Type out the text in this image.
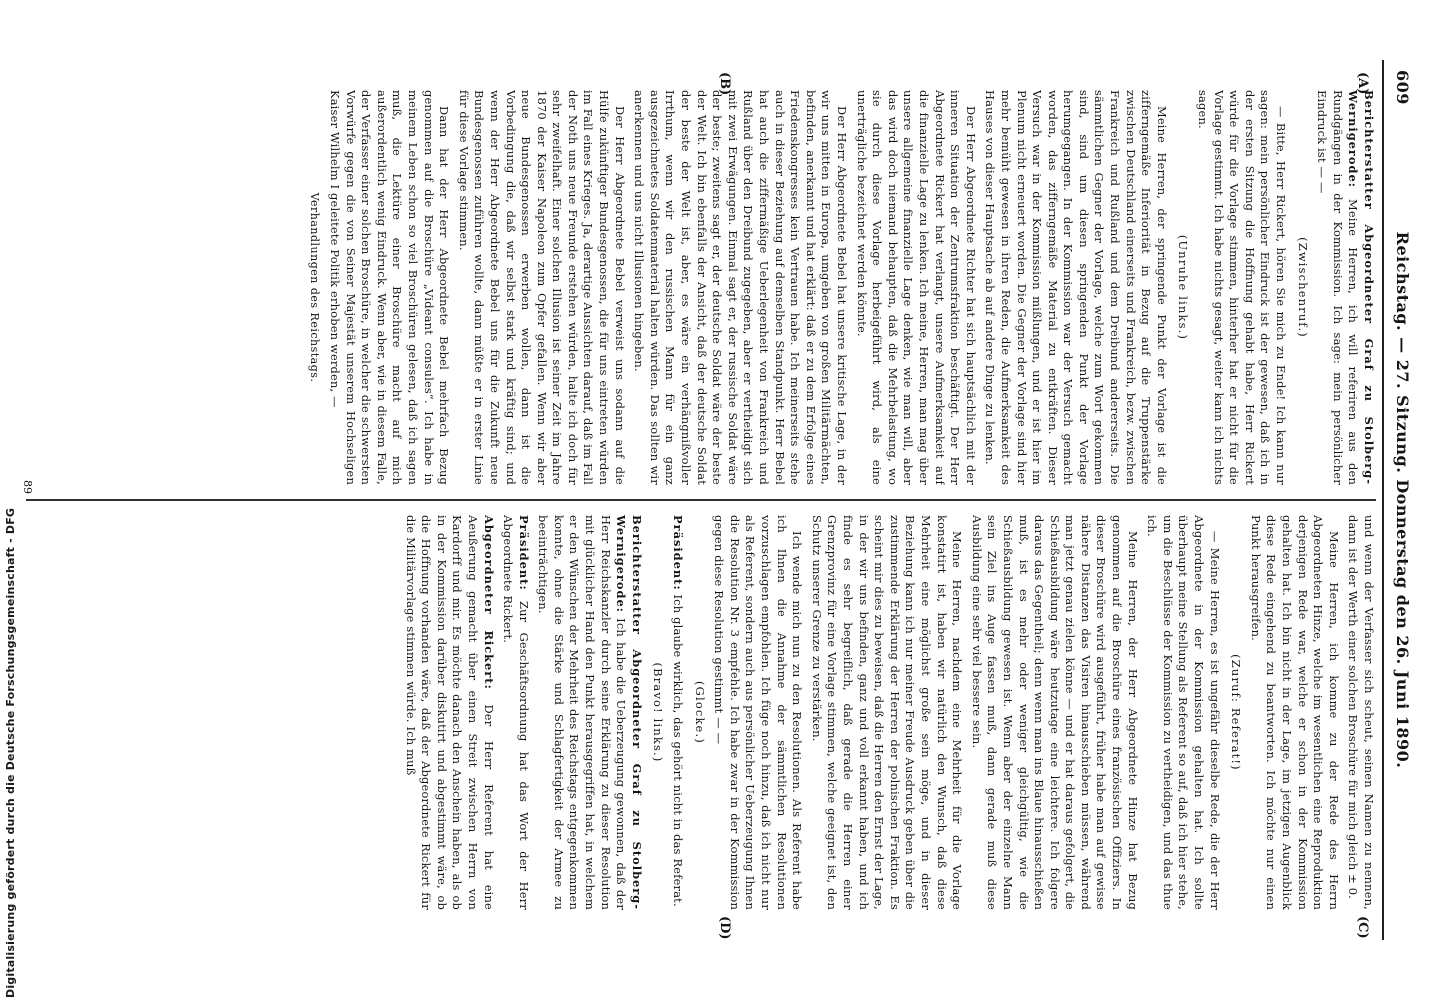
609
Reichstag. — 27. Sitzung. Donnerstag den 26. Juni 1890.
(A)
(B)
(C)
(D)

Berichterstatter Abgeordneter Graf zu Stolberg-Wernigerode: Meine Herren, ich will referiren aus den Rundgängen in der Kommission. Ich sage: mein persönlicher Eindruck ist — —

(Zwischenruf.)

— Bitte, Herr Rickert, hören Sie mich zu Ende! Ich kann nur sagen: mein persönlicher Eindruck ist der gewesen, daß ich in der ersten Sitzung die Hoffnung gehabt habe, Herr Rickert würde für die Vorlage stimmen, hinterher hat er nicht für die Vorlage gestimmt. Ich habe nichts gesagt, weiter kann ich nichts sagen.

(Unruhe links.)

Meine Herren, der springende Punkt der Vorlage ist die zifferngemäße Inferiorität in Bezug auf die Truppenstärke zwischen Deutschland einerseits und Frankreich, bezw. zwischen Frankreich und Rußland und dem Dreibund andererseits. Die sämmtlichen Gegner der Vorlage, welche zum Wort gekommen sind, sind um diesen springenden Punkt der Vorlage herumgegangen. In der Kommission war der Versuch gemacht worden, das zifferngemäße Material zu entkräften. Dieser Versuch war in der Kommission mißlungen, und er ist hier im Plenum nicht erneuert worden. Die Gegner der Vorlage sind hier mehr bemüht gewesen in ihren Reden, die Aufmerksamkeit des Hauses von dieser Hauptsache ab auf andere Dinge zu lenken.

Der Herr Abgeordnete Richter hat sich hauptsächlich mit der inneren Situation der Zentrumsfraktion beschäftigt. Der Herr Abgeordnete Rickert hat verlangt, unsere Aufmerksamkeit auf die finanzielle Lage zu lenken. Ich meine, Herren, man mag über unsere allgemeine finanzielle Lage denken, wie man will, aber das wird doch niemand behaupten, daß die Mehrbelastung, wo sie durch diese Vorlage herbeigeführt wird, als eine unerträgliche bezeichnet werden könnte.

Der Herr Abgeordnete Bebel hat unsere kritische Lage, in der wir uns mitten in Europa, umgeben von großen Militärmächten, befinden, anerkannt und hat erklärt: daß er zu dem Erfolge eines Friedenskongresses kein Vertrauen habe. Ich meinerseits stehe auch in dieser Beziehung auf demselben Standpunkt. Herr Bebel hat auch die ziffermäßige Ueberlegenheit von Frankreich und Rußland über den Dreibund zugegeben, aber er vertheidigt sich mit zwei Erwägungen. Einmal sagt er, der russische Soldat wäre der beste; zweitens sagt er, der deutsche Soldat wäre der beste der Welt. Ich bin ebenfalls der Ansicht, daß der deutsche Soldat der beste der Welt ist, aber, es wäre ein verhängnißvoller Irrthum, wenn wir den russischen Mann für ein ganz ausgezeichnetes Soldatenmaterial halten würden. Das sollten wir anerkennen und uns nicht Illusionen hingeben.

Der Herr Abgeordnete Bebel verweist uns sodann auf die Hülfe zukünftiger Bundesgenossen, die für uns eintreten würden im Fall eines Krieges. Ja, derartige Aussichten darauf, daß im Fall der Noth uns neue Freunde erstehen würden, halte ich doch für sehr zweifelhaft. Einer solchen Illusion ist seiner Zeit im Jahre 1870 der Kaiser Napoleon zum Opfer gefallen. Wenn wir aber neue Bundesgenossen erwerben wollen, dann ist die Vorbedingung die, daß wir selbst stark und kräftig sind; und wenn der Herr Abgeordnete Bebel uns für die Zukunft neue Bundesgenossen zuführen wollte, dann müßte er in erster Linie für diese Vorlage stimmen.

Dann hat der Herr Abgeordnete Bebel mehrfach Bezug genommen auf die Broschüre „Videant consules“. Ich habe in meinem Leben schon so viel Broschüren gelesen, daß ich sagen muß, die Lektüre einer Broschüre macht auf mich außerordentlich wenig Eindruck. Wenn aber, wie in diesem Falle, der Verfasser einer solchen Broschüre, in welcher die schwersten Vorwürfe gegen die von Seiner Majestät unserem Hochseligen Kaiser Wilhelm I geleitete Politik erhoben werden, —

Verhandlungen des Reichstags.

und wenn der Verfasser sich scheut, seinen Namen zu nennen, dann ist der Werth einer solchen Broschüre für mich gleich ± 0.

Meine Herren, ich komme zu der Rede des Herrn Abgeordneten Hinze, welche im wesentlichen eine Reproduktion derjenigen Rede war, welche er schon in der Kommission gehalten hat. Ich bin nicht in der Lage, im jetzigen Augenblick diese Rede eingehend zu beantworten. Ich möchte nur einen Punkt herausgreifen.

(Zuruf: Referat!)

— Meine Herren, es ist ungefähr dieselbe Rede, die der Herr Abgeordnete in der Kommission gehalten hat. Ich sollte überhaupt meine Stellung als Referent so auf, daß ich hier stehe, um die Beschlüsse der Kommission zu vertheidigen, und das thue ich.

Meine Herren, der Herr Abgeordnete Hinze hat Bezug genommen auf die Broschüre eines französischen Offiziers. In dieser Broschüre wird ausgeführt, früher habe man auf gewisse nähere Distanzen das Visiren hinausschieben müssen, während man jetzt genau zielen könne — und er hat daraus gefolgert, die Schießausbildung wäre heutzutage eine leichtere. Ich folgere daraus das Gegentheil; denn wenn man ins Blaue hinausschießen muß, ist es mehr oder weniger gleichgültig, wie die Schießausbildung gewesen ist. Wenn aber der einzelne Mann sein Ziel ins Auge fassen muß, dann gerade muß diese Ausbildung eine sehr viel bessere sein.

Meine Herren, nachdem eine Mehrheit für die Vorlage konstatirt ist, haben wir natürlich den Wunsch, daß diese Mehrheit eine möglichst große sein möge, und in dieser Beziehung kann ich nur meiner Freude Ausdruck geben über die zustimmende Erklärung der Herren der polnischen Fraktion. Es scheint mir dies zu beweisen, daß die Herren den Ernst der Lage, in der wir uns befinden, ganz und voll erkannt haben, und ich finde es sehr begreiflich, daß gerade die Herren einer Grenzprovinz für eine Vorlage stimmen, welche geeignet ist, den Schutz unserer Grenze zu verstärken.

Ich wende mich nun zu den Resolutionen. Als Referent habe ich Ihnen die Annahme der sämmtlichen Resolutionen vorzuschlagen empfohlen. Ich füge noch hinzu, daß ich nicht nur als Referent, sondern auch aus persönlicher Ueberzeugung Ihnen die Resolution Nr. 3 empfehle. Ich habe zwar in der Kommission gegen diese Resolution gestimmt — —

(Glocke.)

Präsident: Ich glaube wirklich, das gehört nicht in das Referat.

(Bravo! links.)

Berichterstatter Abgeordneter Graf zu Stolberg-Wernigerode: Ich habe die Ueberzeugung gewonnen, daß der Herr Reichskanzler durch seine Erklärung zu dieser Resolution mit glücklicher Hand den Punkt herausgegriffen hat, in welchem er den Wünschen der Mehrheit des Reichstags entgegenkommen konnte, ohne die Stärke und Schlagfertigkeit der Armee zu beeinträchtigen.

Präsident: Zur Geschäftsordnung hat das Wort der Herr Abgeordnete Rickert.

Abgeordneter Rickert: Der Herr Referent hat eine Aeußerung gemacht über einen Streit zwischen Herrn von Kardorff und mir. Es möchte danach den Anschein haben, als ob in der Kommission darüber diskutirt und abgestimmt wäre, ob die Hoffnung vorhanden wäre, daß der Abgeordnete Rickert für die Militärvorlage stimmen würde. Ich muß

89
Digitalisierung gefördert durch die Deutsche Forschungsgemeinschaft - DFG
